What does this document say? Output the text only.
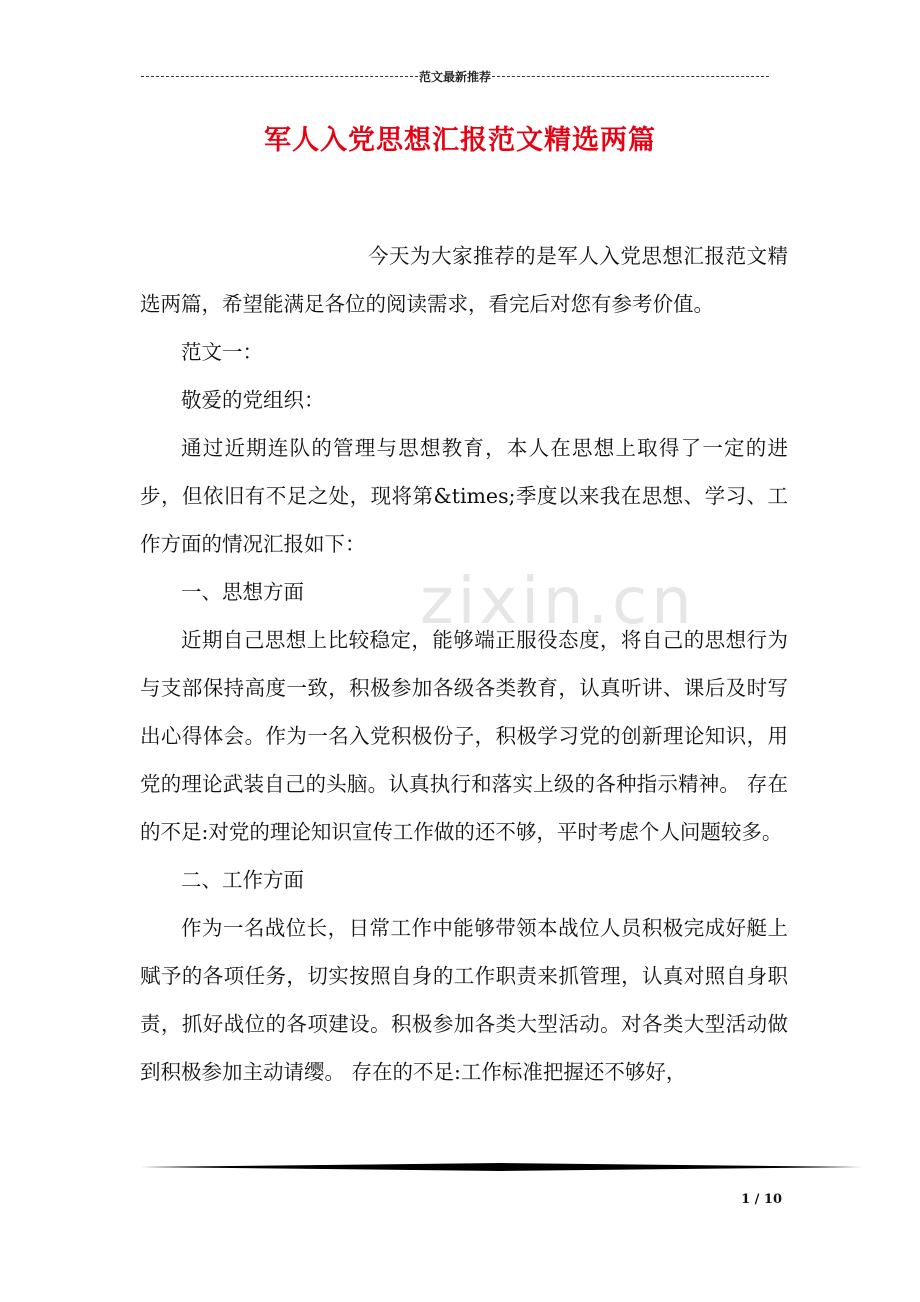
范文最新推荐
军人入党思想汇报范文精选两篇
zixin.cn

今天为大家推荐的是军人入党思想汇报范文精选两篇，希望能满足各位的阅读需求，看完后对您有参考价值。

范文一：

敬爱的党组织：

通过近期连队的管理与思想教育，本人在思想上取得了一定的进步，但依旧有不足之处，现将第&times;季度以来我在思想、学习、工作方面的情况汇报如下：

一、思想方面

近期自己思想上比较稳定，能够端正服役态度，将自己的思想行为与支部保持高度一致，积极参加各级各类教育，认真听讲、课后及时写出心得体会。作为一名入党积极份子，积极学习党的创新理论知识，用党的理论武装自己的头脑。认真执行和落实上级的各种指示精神。 存在的不足:对党的理论知识宣传工作做的还不够，平时考虑个人问题较多。

二、工作方面

作为一名战位长，日常工作中能够带领本战位人员积极完成好艇上赋予的各项任务，切实按照自身的工作职责来抓管理，认真对照自身职责，抓好战位的各项建设。积极参加各类大型活动。对各类大型活动做到积极参加主动请缨。 存在的不足:工作标准把握还不够好，

1 / 10
